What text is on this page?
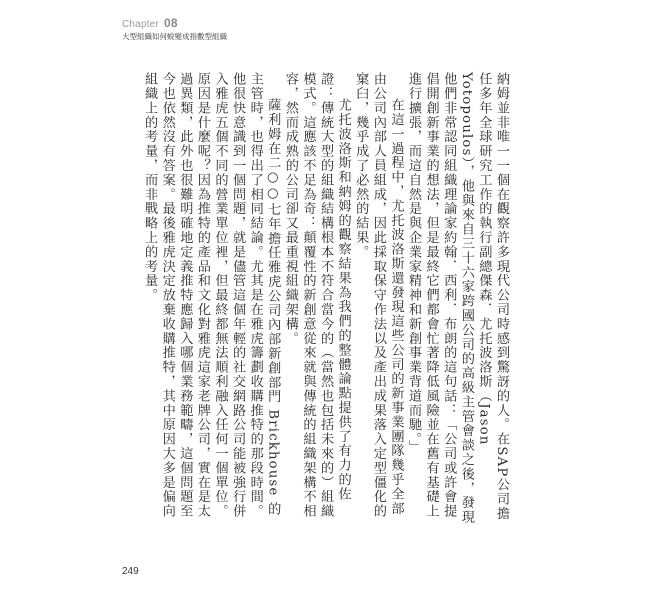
Chapter 08
大型組織如何蛻變成指數型組織

納姆並非唯一一個在觀察許多現代公司時感到驚訝的人。在SAP公司擔任多年全球研究工作的執行副總傑森．尤托波洛斯（Jason Yotopoulos），他與來自三十六家跨國公司的高級主管會談之後，發現他們非常認同組織理論家約翰．西利．布朗的這句話：「公司或許會提倡開創新事業的想法，但是最終它們都會忙著降低風險並在舊有基礎上進行擴張，而這自然是與企業家精神和新創事業背道而馳。」

在這一過程中，尤托波洛斯還發現這些公司的新事業團隊幾乎全部由公司內部人員組成，因此採取保守作法以及產出成果落入定型僵化的窠臼，幾乎成了必然的結果。

尤托波洛斯和納姆的觀察結果為我們的整體論點提供了有力的佐證：傳統大型的組織結構根本不符合當今的（當然也包括未來的）組織模式。這應該不足為奇：顛覆性的新創意從來就與傳統的組織架構不相容，然而成熟的公司卻又最重視組織架構。

薩利姆在二○○七年擔任雅虎公司內部新創部門 Brickhouse 的主管時，也得出了相同結論。尤其是在雅虎籌劃收購推特的那段時間。他很快意識到一個問題，就是儘管這個年輕的社交網路公司能被強行併入雅虎五個不同的營業單位裡，但最終都無法順利融入任何一個單位。原因是什麼呢？因為推特的產品和文化對雅虎這家老牌公司，實在是太過異類，此外也很難明確地定義推特應歸入哪個業務範疇，這個問題至今也依然沒有答案。最後雅虎決定放棄收購推特，其中原因大多是偏向組織上的考量，而非戰略上的考量。

249
